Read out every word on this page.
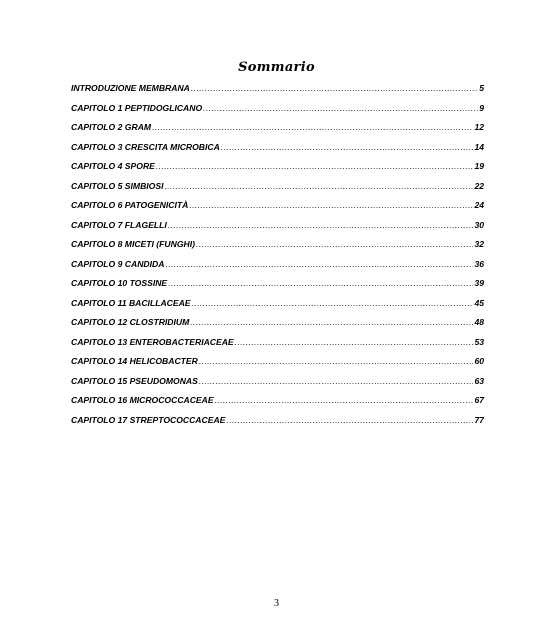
Sommario
INTRODUZIONE MEMBRANA .....	5
CAPITOLO 1 PEPTIDOGLICANO .....	9
CAPITOLO 2 GRAM .....	12
CAPITOLO 3 CRESCITA MICROBICA .....	14
CAPITOLO 4 SPORE .....	19
CAPITOLO 5 SIMBIOSI .....	22
CAPITOLO 6 PATOGENICITÀ .....	24
CAPITOLO 7 FLAGELLI .....	30
CAPITOLO 8 MICETI (FUNGHI) .....	32
CAPITOLO 9 CANDIDA .....	36
CAPITOLO 10 TOSSINE .....	39
CAPITOLO 11 BACILLACEAE .....	45
CAPITOLO 12 CLOSTRIDIUM .....	48
CAPITOLO 13 ENTEROBACTERIACEAE .....	53
CAPITOLO 14 HELICOBACTER .....	60
CAPITOLO 15 PSEUDOMONAS .....	63
CAPITOLO 16 MICROCOCCACEAE .....	67
CAPITOLO 17 STREPTOCOCCACEAE .....	77
3
